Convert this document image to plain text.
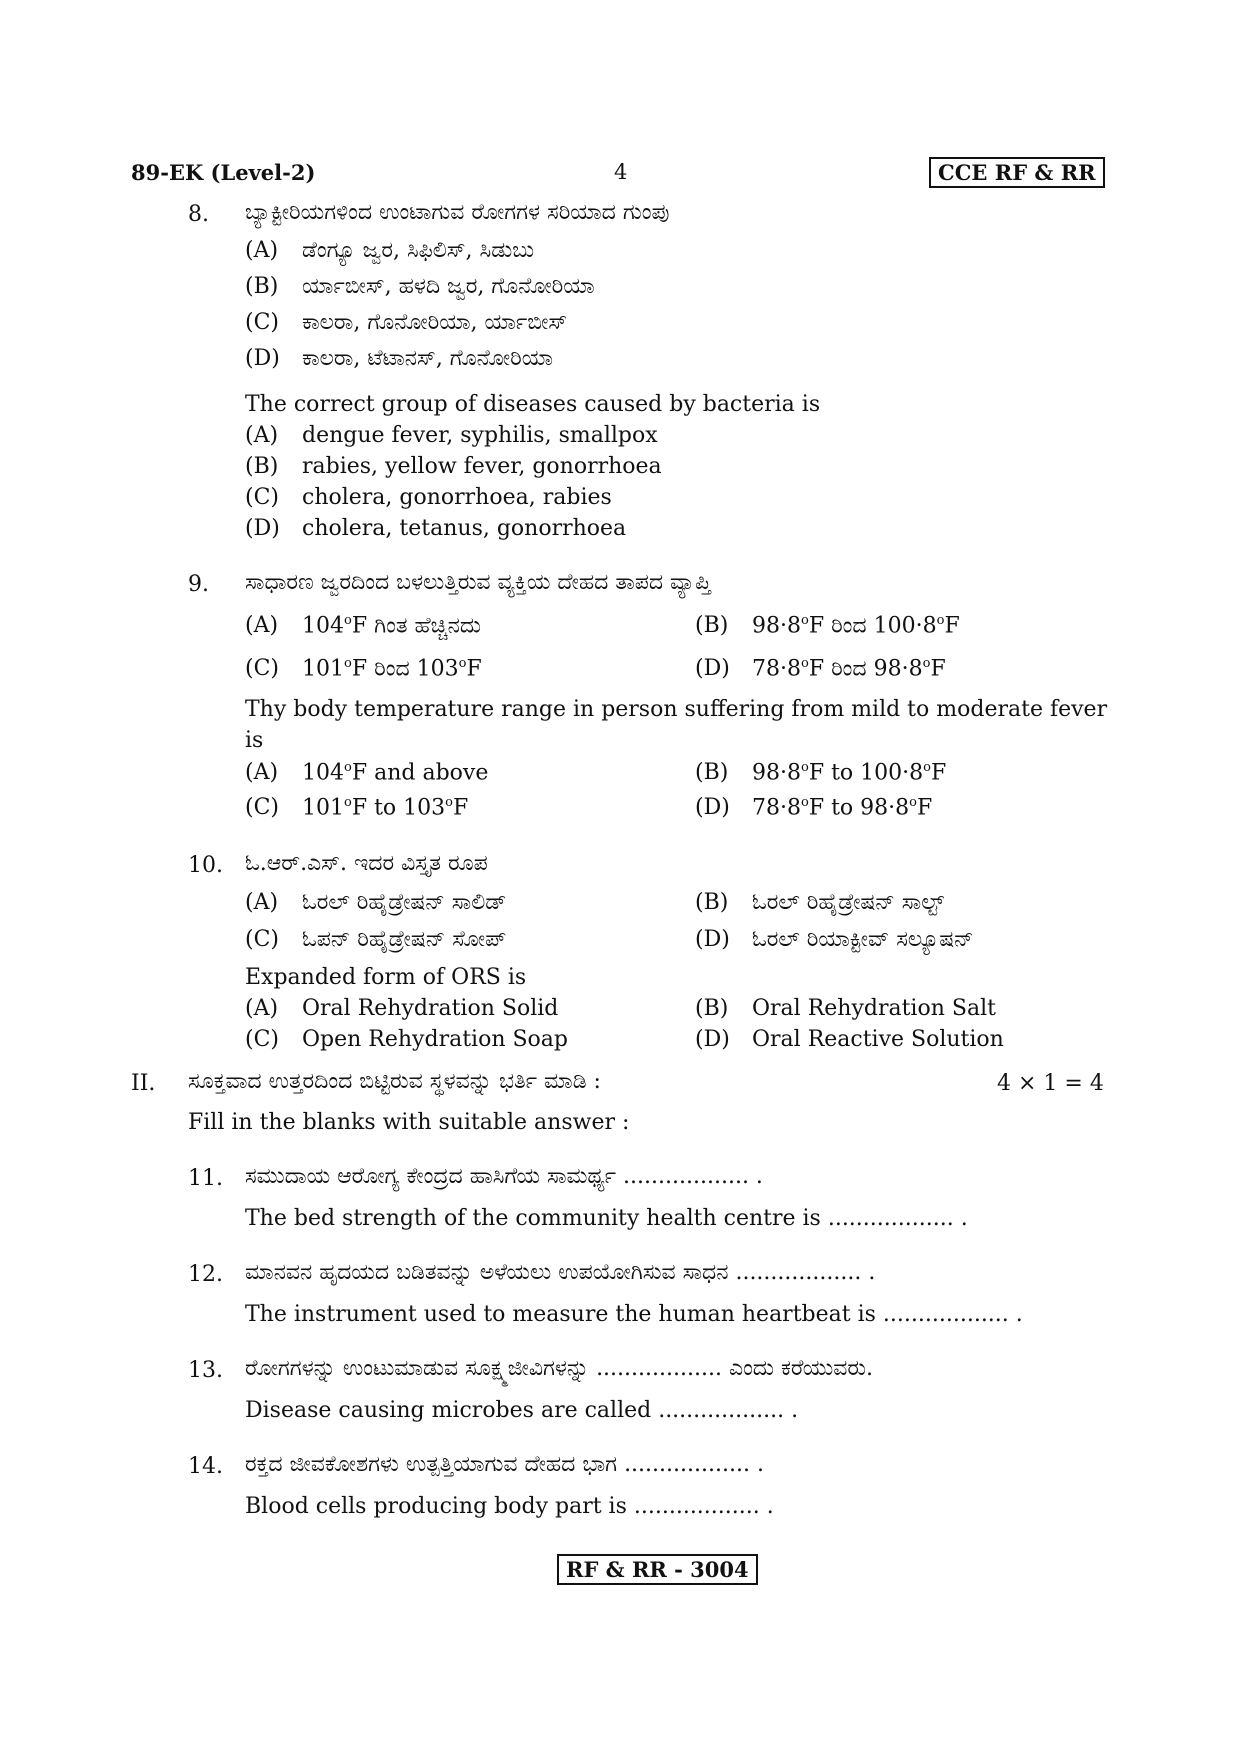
89-EK (Level-2)	4	CCE RF & RR
8. ಬ್ಯಾಕ್ಟೀರಿಯಗಳಿಂದ ಉಂಟಾಗುವ ರೋಗಗಳ ಸರಿಯಾದ ಗುಂಪು
(A) ಡೆಂಗ್ಯೂ ಜ್ವರ, ಸಿಫಿಲಿಸ್, ಸಿಡುಬು
(B) ರ್ಯಾಬೀಸ್, ಹಳದಿ ಜ್ವರ, ಗೊನೋರಿಯಾ
(C) ಕಾಲರಾ, ಗೊನೋರಿಯಾ, ರ್ಯಾಬೀಸ್
(D) ಕಾಲರಾ, ಟೆಟಾನಸ್, ಗೊನೋರಿಯಾ
The correct group of diseases caused by bacteria is
(A) dengue fever, syphilis, smallpox
(B) rabies, yellow fever, gonorrhoea
(C) cholera, gonorrhoea, rabies
(D) cholera, tetanus, gonorrhoea
9. ಸಾಧಾರಣ ಜ್ವರದಿಂದ ಬಳಲುತ್ತಿರುವ ವ್ಯಕ್ತಿಯ ದೇಹದ ತಾಪದ ವ್ಯಾಪ್ತಿ
(A) 104$^o$F ಗಿಂತ ಹೆಚ್ಚಿನದು	(B) $98\cdot 8^oF$ ರಿಂದ $100\cdot 8^oF$
(C) 101$^o$F ರಿಂದ 103$^o$F	(D) $78\cdot 8^oF$ ರಿಂದ $98\cdot 8^oF$
Thy body temperature range in person suffering from mild to moderate fever
is
(A) 104$^o$F and above	(B) $98\cdot 8^oF$ to $100\cdot 8^oF$
(C) 101$^o$F to 103$^o$F	(D) $78\cdot 8^oF$ to $98\cdot 8^oF$
10. ಓ.ಆರ್.ಎಸ್. ಇದರ ವಿಸ್ತೃತ ರೂಪ
(A) ಓರಲ್ ರಿಹೈಡ್ರೇಷನ್ ಸಾಲಿಡ್	(B) ಓರಲ್ ರಿಹೈಡ್ರೇಷನ್ ಸಾಲ್ಟ್
(C) ಓಪನ್ ರಿಹೈಡ್ರೇಷನ್ ಸೋಪ್	(D) ಓರಲ್ ರಿಯಾಕ್ಟೀವ್ ಸಲ್ಯೂಷನ್
Expanded form of ORS is
(A) Oral Rehydration Solid	(B) Oral Rehydration Salt
(C) Open Rehydration Soap	(D) Oral Reactive Solution
II. ಸೂಕ್ತವಾದ ಉತ್ತರದಿಂದ ಬಿಟ್ಟಿರುವ ಸ್ಥಳವನ್ನು ಭರ್ತಿ ಮಾಡಿ :	4 × 1 = 4
Fill in the blanks with suitable answer :
11. ಸಮುದಾಯ ಆರೋಗ್ಯ ಕೇಂದ್ರದ ಹಾಸಿಗೆಯ ಸಾಮರ್ಥ್ಯ .................. .
The bed strength of the community health centre is .................. .
12. ಮಾನವನ ಹೃದಯದ ಬಡಿತವನ್ನು ಅಳೆಯಲು ಉಪಯೋಗಿಸುವ ಸಾಧನ .................. .
The instrument used to measure the human heartbeat is .................. .
13. ರೋಗಗಳನ್ನು ಉಂಟುಮಾಡುವ ಸೂಕ್ಷ್ಮಜೀವಿಗಳನ್ನು .................. ಎಂದು ಕರೆಯುವರು.
Disease causing microbes are called .................. .
14. ರಕ್ತದ ಜೀವಕೋಶಗಳು ಉತ್ಪತ್ತಿಯಾಗುವ ದೇಹದ ಭಾಗ .................. .
Blood cells producing body part is .................. .
RF & RR - 3004
